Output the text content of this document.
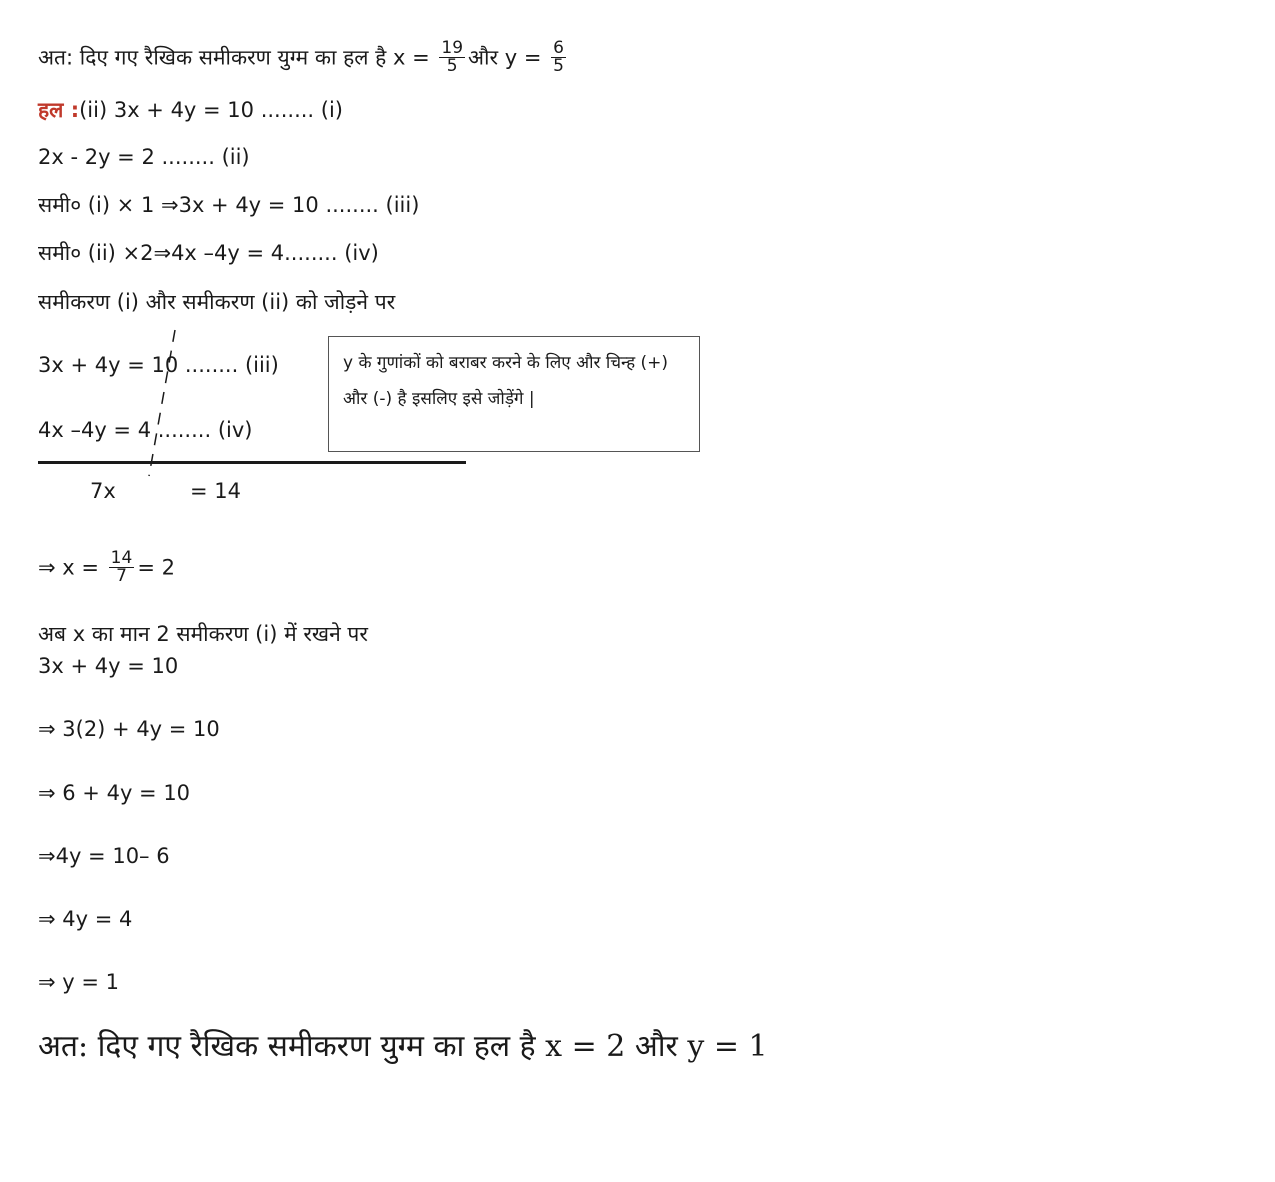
अत: दिए गए रैखिक समीकरण युग्म का हल है $x = \frac{19}{5}$ और $y = \frac{6}{5}$
हल :(ii) 3x + 4y = 10 ........ (i)
2x - 2y = 2 ........ (ii)
समी० (i) × 1 ⇒3x + 4y = 10 ........ (iii)
समी० (ii) ×2⇒4x –4y = 4........ (iv)
समीकरण (i) और समीकरण (ii) को जोड़ने पर
3x + 4y = 10 ........ (iii)
4x –4y = 4 ........ (iv)
y के गुणांकों को बराबर करने के लिए और चिन्ह (+) और (-) है इसलिए इसे जोड़ेंगे |
7x	= 14
⇒ $x = \frac{14}{7} = 2$
अब x का मान 2 समीकरण (i) में रखने पर
3x + 4y = 10
⇒ 3(2) + 4y = 10
⇒ 6 + 4y = 10
⇒4y = 10– 6
⇒ 4y = 4
⇒ y = 1
अत: दिए गए रैखिक समीकरण युग्म का हल है x = 2 और y = 1
